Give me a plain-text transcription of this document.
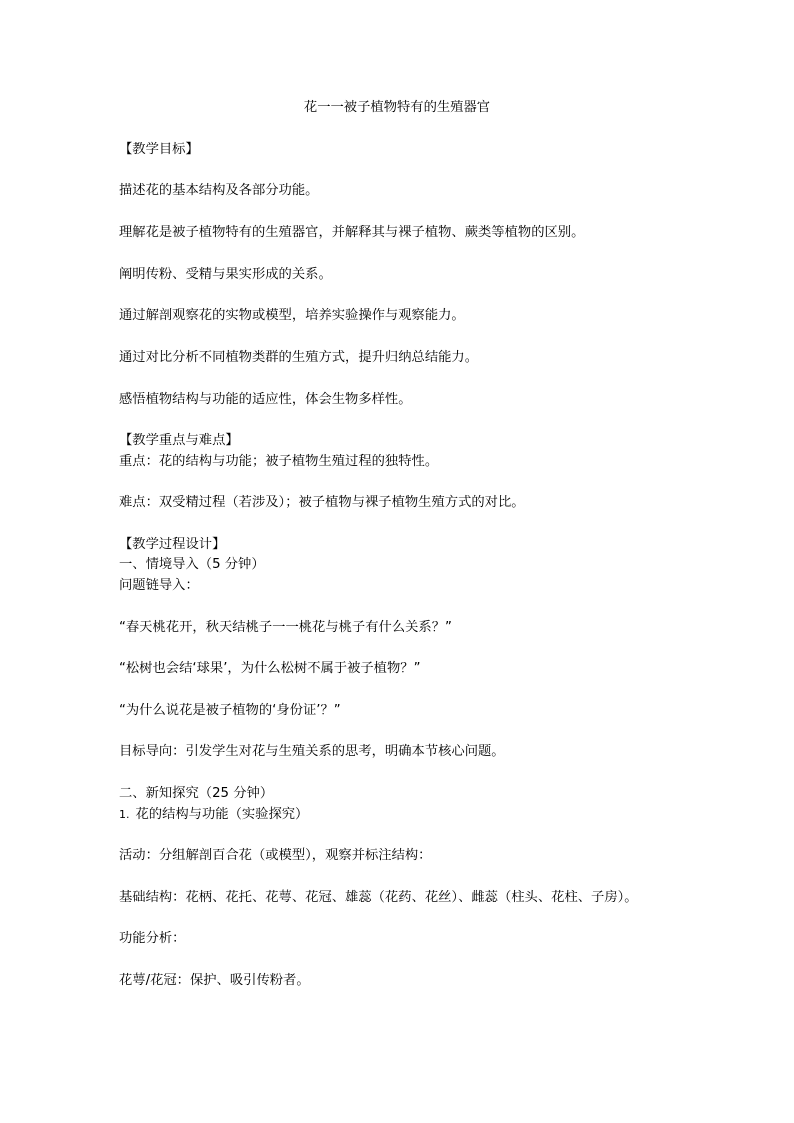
花一一被子植物特有的生殖器官
【教学目标】
描述花的基本结构及各部分功能。
理解花是被子植物特有的生殖器官，并解释其与裸子植物、蕨类等植物的区别。
阐明传粉、受精与果实形成的关系。
通过解剖观察花的实物或模型，培养实验操作与观察能力。
通过对比分析不同植物类群的生殖方式，提升归纳总结能力。
感悟植物结构与功能的适应性，体会生物多样性。
【教学重点与难点】
重点：花的结构与功能；被子植物生殖过程的独特性。
难点：双受精过程（若涉及）；被子植物与裸子植物生殖方式的对比。
【教学过程设计】
一、情境导入（5 分钟）
问题链导入：
“春天桃花开，秋天结桃子一一桃花与桃子有什么关系？”
“松树也会结‘球果’，为什么松树不属于被子植物？”
“为什么说花是被子植物的‘身份证’？”
目标导向：引发学生对花与生殖关系的思考，明确本节核心问题。
二、新知探究（25 分钟）
1. 花的结构与功能（实验探究）
活动：分组解剖百合花（或模型），观察并标注结构：
基础结构：花柄、花托、花萼、花冠、雄蕊（花药、花丝）、雌蕊（柱头、花柱、子房）。
功能分析：
花萼/花冠：保护、吸引传粉者。
